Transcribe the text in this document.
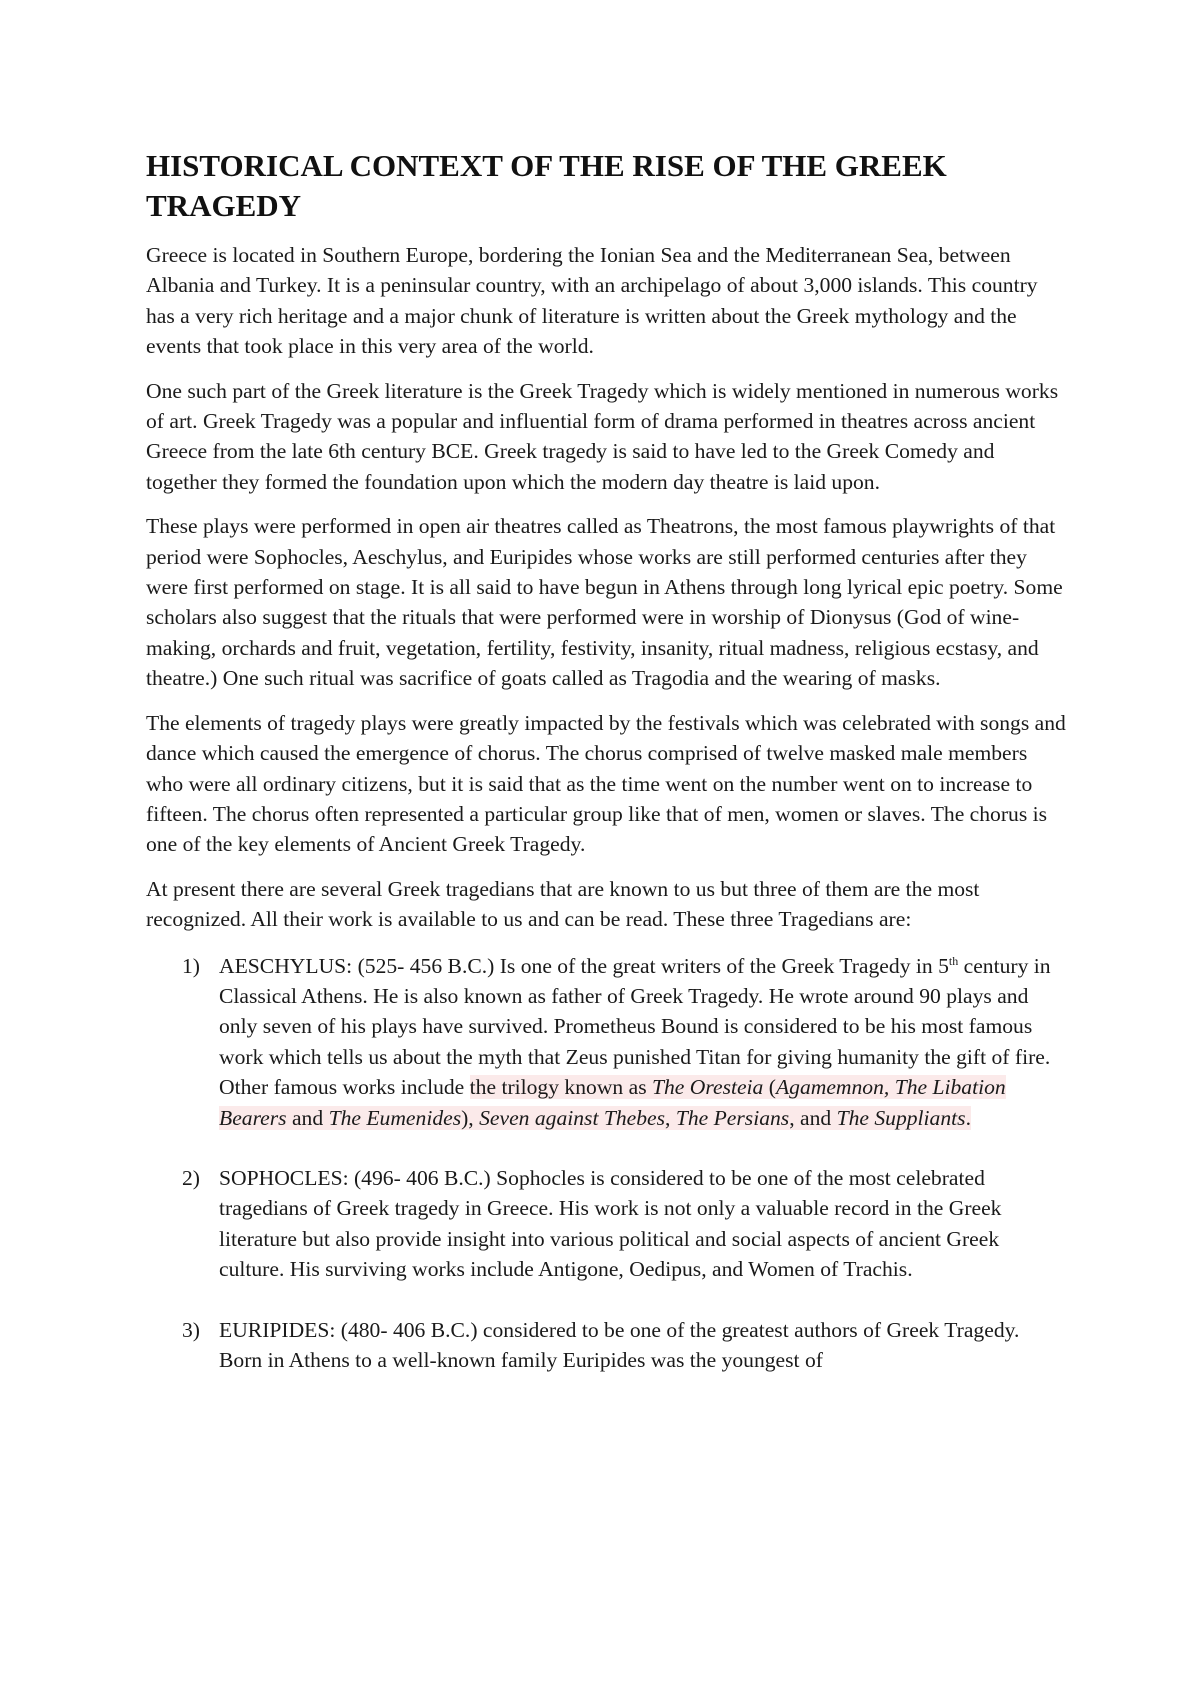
HISTORICAL CONTEXT OF THE RISE OF THE GREEK TRAGEDY

Greece is located in Southern Europe, bordering the Ionian Sea and the Mediterranean Sea, between Albania and Turkey. It is a peninsular country, with an archipelago of about 3,000 islands. This country has a very rich heritage and a major chunk of literature is written about the Greek mythology and the events that took place in this very area of the world.

One such part of the Greek literature is the Greek Tragedy which is widely mentioned in numerous works of art. Greek Tragedy was a popular and influential form of drama performed in theatres across ancient Greece from the late 6th century BCE. Greek tragedy is said to have led to the Greek Comedy and together they formed the foundation upon which the modern day theatre is laid upon.

These plays were performed in open air theatres called as Theatrons, the most famous playwrights of that period were Sophocles, Aeschylus, and Euripides whose works are still performed centuries after they were first performed on stage. It is all said to have begun in Athens through long lyrical epic poetry. Some scholars also suggest that the rituals that were performed were in worship of Dionysus (God of wine-making, orchards and fruit, vegetation, fertility, festivity, insanity, ritual madness, religious ecstasy, and theatre.) One such ritual was sacrifice of goats called as Tragodia and the wearing of masks.

The elements of tragedy plays were greatly impacted by the festivals which was celebrated with songs and dance which caused the emergence of chorus. The chorus comprised of twelve masked male members who were all ordinary citizens, but it is said that as the time went on the number went on to increase to fifteen. The chorus often represented a particular group like that of men, women or slaves. The chorus is one of the key elements of Ancient Greek Tragedy.

At present there are several Greek tragedians that are known to us but three of them are the most recognized. All their work is available to us and can be read. These three Tragedians are:

1) AESCHYLUS: (525- 456 B.C.) Is one of the great writers of the Greek Tragedy in 5th century in Classical Athens. He is also known as father of Greek Tragedy. He wrote around 90 plays and only seven of his plays have survived. Prometheus Bound is considered to be his most famous work which tells us about the myth that Zeus punished Titan for giving humanity the gift of fire. Other famous works include the trilogy known as The Oresteia (Agamemnon, The Libation Bearers and The Eumenides), Seven against Thebes, The Persians, and The Suppliants.
2) SOPHOCLES: (496- 406 B.C.) Sophocles is considered to be one of the most celebrated tragedians of Greek tragedy in Greece. His work is not only a valuable record in the Greek literature but also provide insight into various political and social aspects of ancient Greek culture. His surviving works include Antigone, Oedipus, and Women of Trachis.
3) EURIPIDES: (480- 406 B.C.) considered to be one of the greatest authors of Greek Tragedy. Born in Athens to a well-known family Euripides was the youngest of
